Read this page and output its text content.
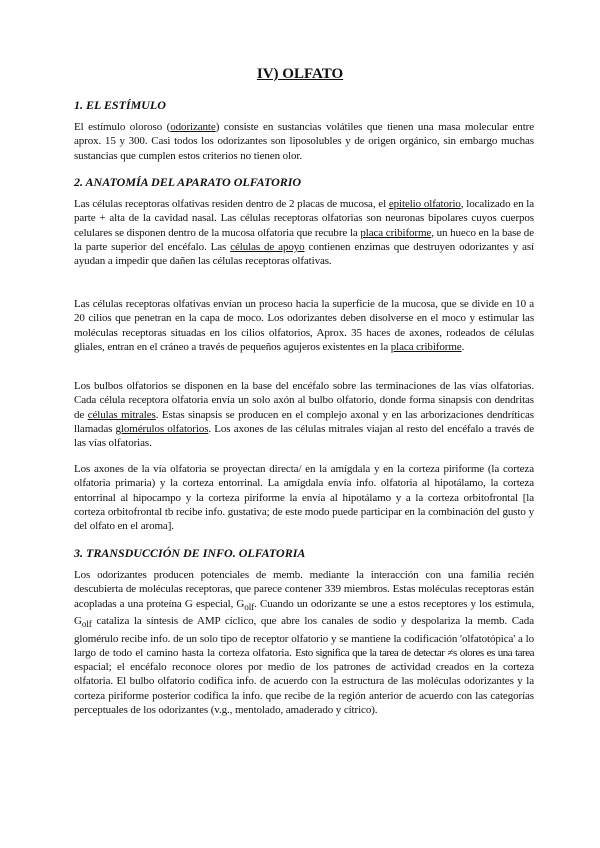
IV) OLFATO
1. EL ESTÍMULO
El estímulo oloroso (odorizante) consiste en sustancias volátiles que tienen una masa molecular entre aprox. 15 y 300. Casi todos los odorizantes son liposolubles y de origen orgánico, sin embargo muchas sustancias que cumplen estos criterios no tienen olor.
2. ANATOMÍA DEL APARATO OLFATORIO
Las células receptoras olfativas residen dentro de 2 placas de mucosa, el epitelio olfatorio, localizado en la parte + alta de la cavidad nasal. Las células receptoras olfatorias son neuronas bipolares cuyos cuerpos celulares se disponen dentro de la mucosa olfatoria que recubre la placa cribiforme, un hueco en la base de la parte superior del encéfalo. Las células de apoyo contienen enzimas que destruyen odorizantes y así ayudan a impedir que dañen las células receptoras olfativas.
Las células receptoras olfativas envían un proceso hacia la superficie de la mucosa, que se divide en 10 a 20 cilios que penetran en la capa de moco. Los odorizantes deben disolverse en el moco y estimular las moléculas receptoras situadas en los cilios olfatorios, Aprox. 35 haces de axones, rodeados de células gliales, entran en el cráneo a través de pequeños agujeros existentes en la placa cribiforme.
Los bulbos olfatorios se disponen en la base del encéfalo sobre las terminaciones de las vías olfatorias. Cada célula receptora olfatoria envía un solo axón al bulbo olfatorio, donde forma sinapsis con dendritas de células mitrales. Estas sinapsis se producen en el complejo axonal y en las arborizaciones dendríticas llamadas glomérulos olfatorios. Los axones de las células mitrales viajan al resto del encéfalo a través de las vías olfatorias.
Los axones de la vía olfatoria se proyectan directa/ en la amígdala y en la corteza piriforme (la corteza olfatoria primaria) y la corteza entorrinal. La amígdala envía info. olfatoria al hipotálamo, la corteza entorrinal al hipocampo y la corteza piriforme la envía al hipotálamo y a la corteza orbitofrontal [la corteza orbitofrontal tb recibe info. gustativa; de este modo puede participar en la combinación del gusto y del olfato en el aroma].
3. TRANSDUCCIÓN DE INFO. OLFATORIA
Los odorizantes producen potenciales de memb. mediante la interacción con una familia recién descubierta de moléculas receptoras, que parece contener 339 miembros. Estas moléculas receptoras están acopladas a una proteína G especial, $G_{olf}$. Cuando un odorizante se une a estos receptores y los estimula, $G_{olf}$ cataliza la síntesis de AMP cíclico, que abre los canales de sodio y despolariza la memb. Cada glomérulo recibe info. de un solo tipo de receptor olfatorio y se mantiene la codificación 'olfatotópica' a lo largo de todo el camino hasta la corteza olfatoria. Esto significa que la tarea de detectar ≠s olores es una tarea espacial; el encéfalo reconoce olores por medio de los patrones de actividad creados en la corteza olfatoria. El bulbo olfatorio codifica info. de acuerdo con la estructura de las moléculas odorizantes y la corteza piriforme posterior codifica la info. que recibe de la región anterior de acuerdo con las categorías perceptuales de los odorizantes (v.g., mentolado, amaderado y cítrico).
